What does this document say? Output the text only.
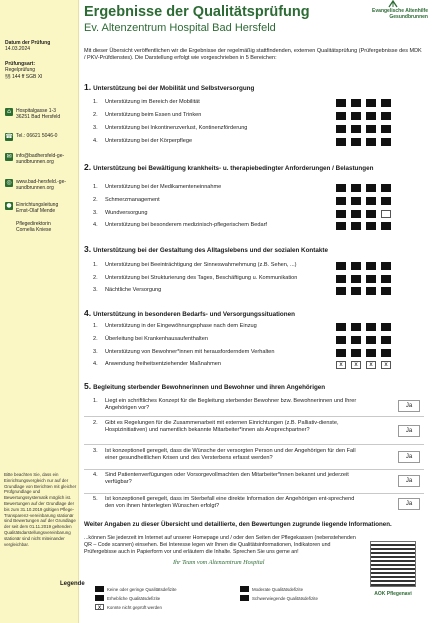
Datum der Prüfung
14.03.2024
Prüfungsart:
Regelprüfung
§§ 144 ff SGB XI
⌂	Hospitalgasse 1-3
36251 Bad Hersfeld
☎ Tel.: 06621 5046-0
✉ info@badhersfeld-ge-
sundbrunnen.org
◎ www.bad-hersfeld.-ge-
sundbrunnen.org
● Einrichtungsleitung
Ernst-Olaf Mende

Pflegedirektorin
Cornelia Kniese
Bitte beachten Sie, dass ein Einrichtungsvergleich nur auf der Grundlage von Berichten mit gleicher Prüfgrundlage und Bewertungssystematik möglich ist. Bewertungen auf der Grundlage der bis zum 31.10.2019 gültigen Pflege-Transparenz-vereinbarung stationär sind Bewertungen auf der Grundlage der seit dem 01.11.2019 geltenden Qualitätsdarstellungsvereinbarung stationär sind nicht miteinander vergleichbar.
Ergebnisse der Qualitätsprüfung
Ev. Altenzentrum Hospital Bad Hersfeld
Evangelische Altenhilfe
Gesundbrunnen
Mit dieser Übersicht veröffentlichen wir die Ergebnisse der regelmäßig stattfindenden, externen Qualitätsprüfung (Prüfergebnisse des MDK / PKV-Prüfdienstes). Die Darstellung erfolgt wie vorgeschrieben in 5 Bereichen:
1. Unterstützung bei der Mobilität und Selbstversorgung
1.	Unterstützung im Bereich der Mobilität
2.	Unterstützung beim Essen und Trinken
3.	Unterstützung bei Inkontinenzverlust, Kontinenzförderung
4.	Unterstützung bei der Körperpflege
2. Unterstützung bei Bewältigung krankheits- u. therapiebedingter Anforderungen / Belastungen
1.	Unterstützung bei der Medikamenteneinnahme
2.	Schmerzmanagement
3.	Wundversorgung
4.	Unterstützung bei besonderem medizinisch-pflegerischem Bedarf
3. Unterstützung bei der Gestaltung des Alltagslebens und der sozialen Kontakte
1.	Unterstützung bei Beeinträchtigung der Sinneswahrnehmung (z.B. Sehen, ...)
2.	Unterstützung bei Strukturierung des Tages, Beschäftigung u. Kommunikation
3.	Nächtliche Versorgung
4. Unterstützung in besonderen Bedarfs- und Versorgungssituationen
1.	Unterstützung in der Eingewöhnungsphase nach dem Einzug
2.	Überleitung bei Krankenhausaufenthalten
3.	Unterstützung von Bewohner*innen mit herausforderndem Verhalten
4.	Anwendung freiheitsentziehender Maßnahmen	x	x	x	x
5. Begleitung sterbender Bewohnerinnen und Bewohner und ihren Angehörigen
1.	Liegt ein schriftliches Konzept für die Begleitung sterbender Bewohner bzw. Bewohnerinnen und Ihrer Angehörigen vor?	Ja
2.	Gibt es Regelungen für die Zusammenarbeit mit externen Einrichtungen (z.B. Palliativ-dienste, Hospizinitiativen) und namentlich bekannte Mitarbeiter*innen als Ansprechpartner?	Ja
3.	Ist konzeptionell geregelt, dass die Wünsche der versorgten Person und der Angehörigen für den Fall einer gesundheitlichen Krisen und des Versterbens erfasst werden?	Ja
4.	Sind Patientenverfügungen oder Vorsorgevollmachten den Mitarbeiter*innen bekannt und jederzeit verfügbar?	Ja
5.	Ist konzeptionell geregelt, dass im Sterbefall eine direkte Information der Angehörigen ent-sprechend den von ihnen hinterlegten Wünschen erfolgt?	Ja
Weiter Angaben zu dieser Übersicht und detaillierte, den Bewertungen zugrunde liegende Informationen.
...können Sie jederzeit im Internet auf unserer Homepage und / oder den Seiten der Pflegekassen (nebenstehenden QR – Code scannen) einsehen. Bei Interesse legen wir Ihnen die Qualitätsinformationen, Indikatoren und Prüfergebisse auch in Papierform vor und erläutern die Inhalte. Sprechen Sie uns gerne an!
Ihr Team vom Altenzentrum Hospital
AOK Pflegenavi
Legende
Keine oder geringe Qualitätsdefizite
Erhebliche Qualitätsdefizite
x	Konnte nicht geprüft werden
Moderate Qualitätsdefizite
Schwerwiegende Qualitätsdefizite
